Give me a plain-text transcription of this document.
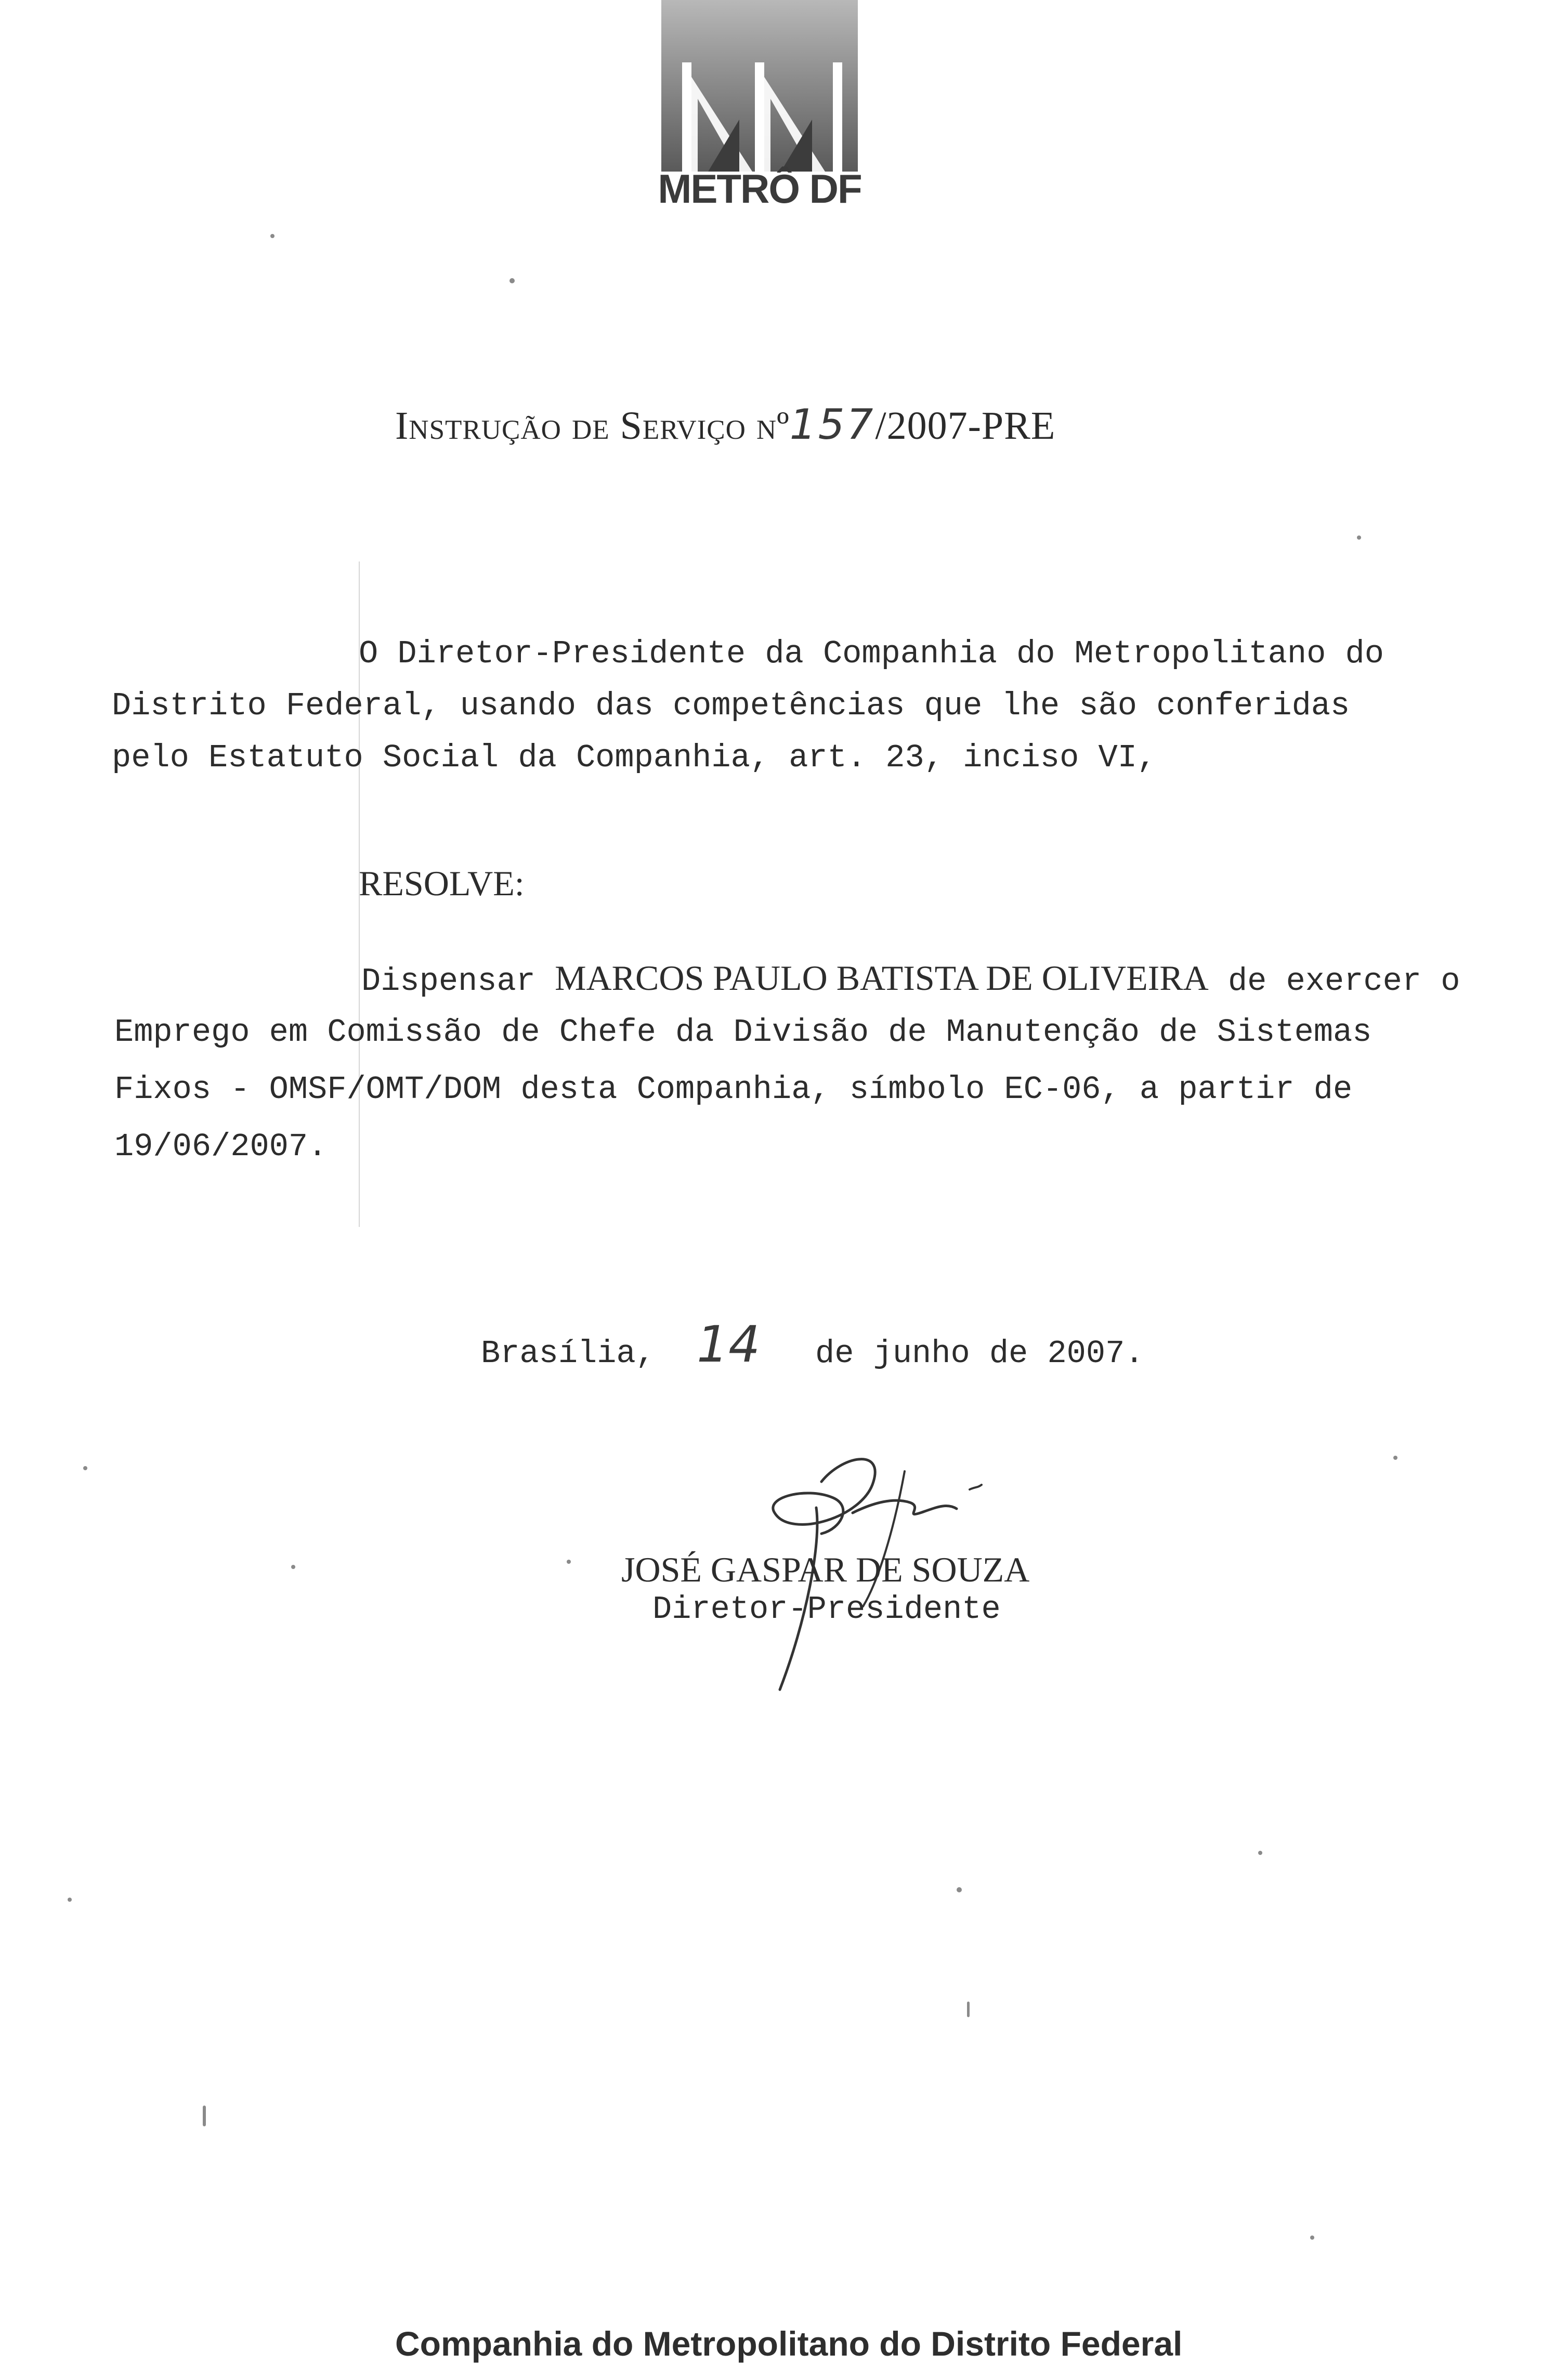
METRÔ DF
Instrução de Serviço nº157/2007-PRE
O Diretor-Presidente da Companhia do Metropolitano do
Distrito Federal, usando das competências que lhe são conferidas
pelo Estatuto Social da Companhia, art. 23, inciso VI,
RESOLVE:
Dispensar MARCOS PAULO BATISTA DE OLIVEIRA de exercer o
Emprego em Comissão de Chefe da Divisão de Manutenção de Sistemas
Fixos - OMSF/OMT/DOM desta Companhia, símbolo EC-06, a partir de
19/06/2007.
Brasília, 14 de junho de 2007.
JOSÉ GASPAR DE SOUZA
Diretor-Presidente
Companhia do Metropolitano do Distrito Federal
